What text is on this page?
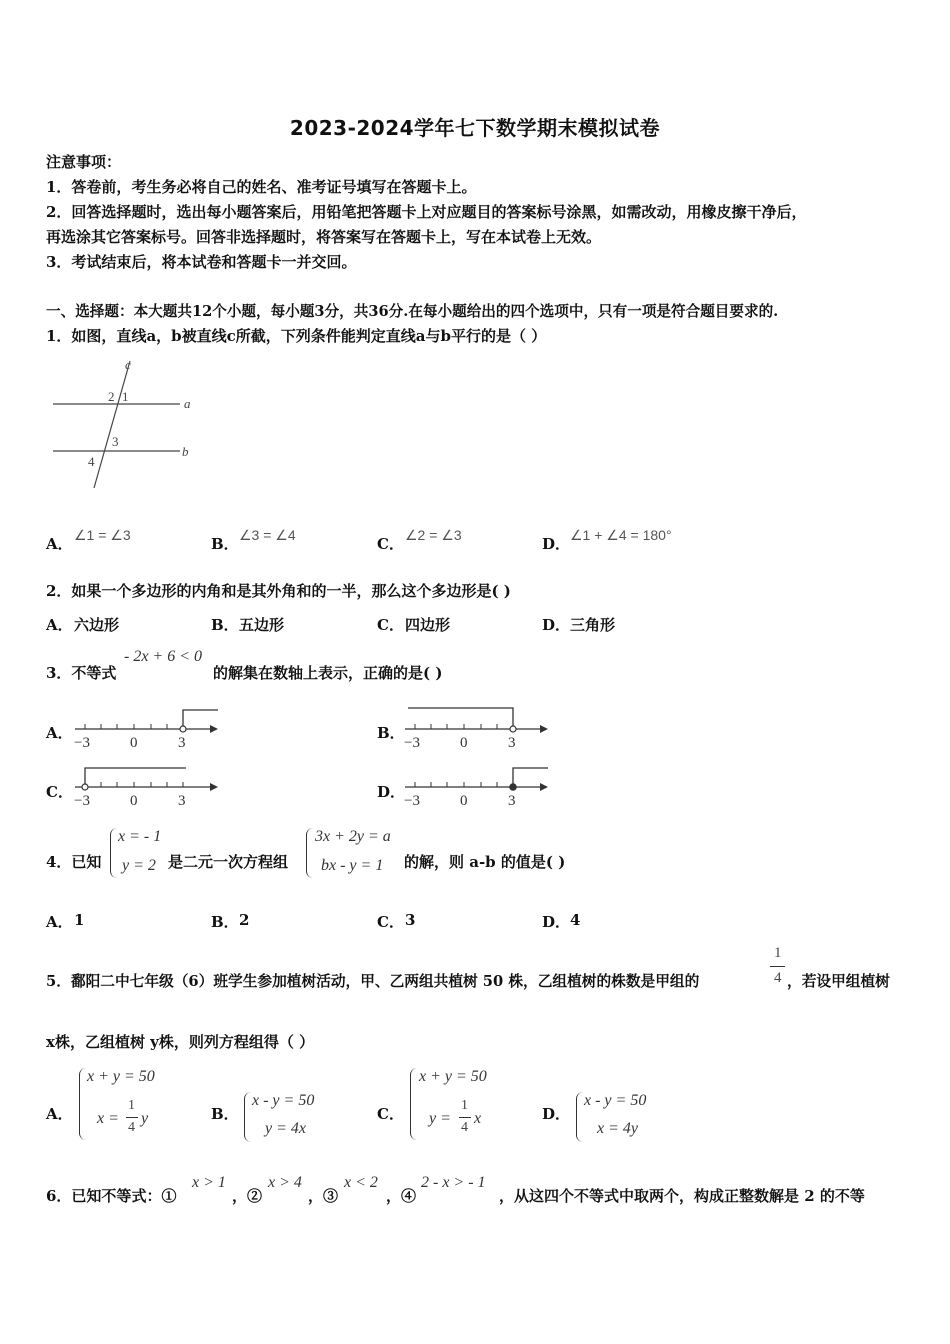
2023-2024学年七下数学期末模拟试卷
注意事项：
1．答卷前，考生务必将自己的姓名、准考证号填写在答题卡上。
2．回答选择题时，选出每小题答案后，用铅笔把答题卡上对应题目的答案标号涂黑，如需改动，用橡皮擦干净后，
再选涂其它答案标号。回答非选择题时，将答案写在答题卡上，写在本试卷上无效。
3．考试结束后，将本试卷和答题卡一并交回。
一、选择题：本大题共12个小题，每小题3分，共36分.在每小题给出的四个选项中，只有一项是符合题目要求的.
1．如图，直线a，b被直线c所截，下列条件能判定直线a与b平行的是（ ）
c
a
b
2 1
3
4
A． ∠1 = ∠3	B． ∠3 = ∠4	C． ∠2 = ∠3	D． ∠1 + ∠4 = 180°
2．如果一个多边形的内角和是其外角和的一半，那么这个多边形是( )
A． 六边形	B． 五边形	C． 四边形	D． 三角形
3．不等式
- 2x + 6 < 0
的解集在数轴上表示，正确的是( )
A．
−3	0	3
B．
−3	0	3
C． −3	0	3	D．
−3	0	3
4．已知
x = - 1
y = 2 是二元一次方程组
3x + 2y = a
bx - y = 1 的解，则 a-b 的值是( )
A． 1	B． 2	C． 3	D． 4
5．鄱阳二中七年级（6）班学生参加植树活动，甲、乙两组共植树 50 株，乙组植树的株数是甲组的
1
4 ，若设甲组植树
x株，乙组植树 y株，则列方程组得（ ）
A．
x + y = 50
x =
1
4
y	B．
x - y = 50
y = 4x
C．
x + y = 50
y =
1
4
x	D．
x - y = 50
x = 4y
6．已知不等式：①
x > 1
，②
x > 4
，③
x < 2
，④
2 - x > - 1
，从这四个不等式中取两个，构成正整数解是 2 的不等
